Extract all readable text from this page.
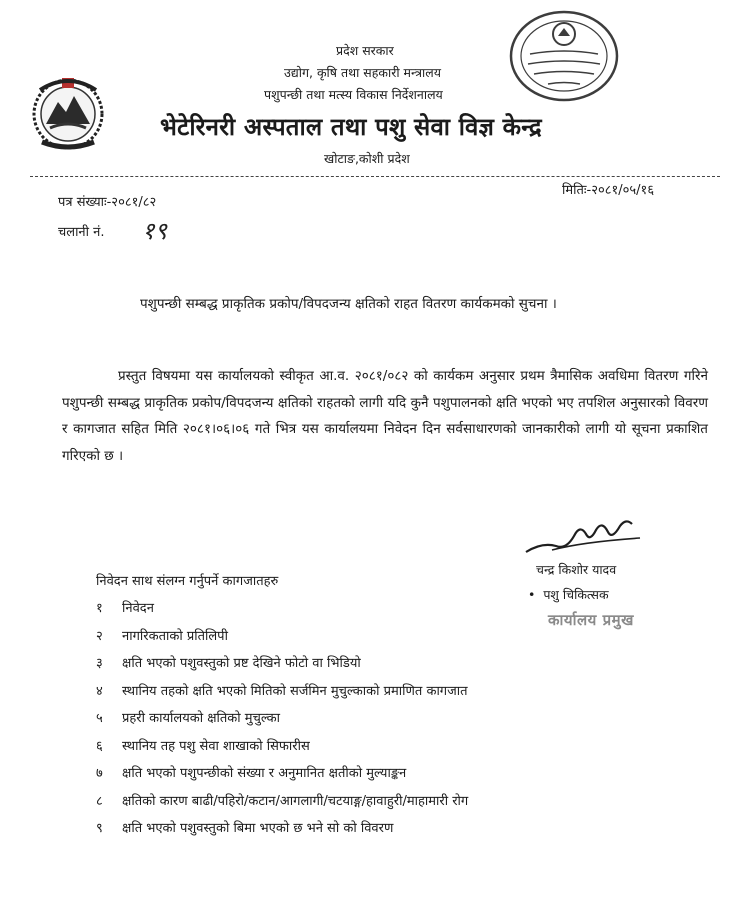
प्रदेश सरकार
उद्योग, कृषि तथा सहकारी मन्त्रालय
पशुपन्छी तथा मत्स्य विकास निर्देशनालय
भेटेरिनरी अस्पताल तथा पशु सेवा विज्ञ केन्द्र
खोटाङ,कोशी प्रदेश
पत्र संख्याः-२०८१/८२
मितिः-२०८१/०५/१६
चलानी नं. १९
पशुपन्छी सम्बद्ध प्राकृतिक प्रकोप/विपदजन्य क्षतिको राहत वितरण कार्यकमको सुचना ।
प्रस्तुत विषयमा यस कार्यालयको स्वीकृत आ.व. २०८१/०८२ को कार्यकम अनुसार प्रथम त्रैमासिक अवधिमा वितरण गरिने पशुपन्छी सम्बद्ध प्राकृतिक प्रकोप/विपदजन्य क्षतिको राहतको लागी यदि कुनै पशुपालनको क्षति भएको भए तपशिल अनुसारको विवरण र कागजात सहित मिति २०८१।०६।०६ गते भित्र यस कार्यालयमा निवेदन दिन सर्वसाधारणको जानकारीको लागी यो सूचना प्रकाशित गरिएको छ ।
चन्द्र किशोर यादव
•  पशु चिकित्सक
कार्यालय प्रमुख
निवेदन साथ संलग्न गर्नुपर्ने कागजातहरु
१	निवेदन
२	नागरिकताको प्रतिलिपी
३	क्षति भएको पशुवस्तुको प्रष्ट देखिने फोटो वा भिडियो
४	स्थानिय तहको क्षति भएको मितिको सर्जमिन मुचुल्काको प्रमाणित कागजात
५	प्रहरी कार्यालयको क्षतिको मुचुल्का
६	स्थानिय तह पशु सेवा शाखाको सिफारीस
७	क्षति भएको पशुपन्छीको संख्या र अनुमानित क्षतीको मुल्याङ्कन
८	क्षतिको कारण बाढी/पहिरो/कटान/आगलागी/चटयाङ्ग/हावाहुरी/माहामारी रोग
९	क्षति भएको पशुवस्तुको बिमा भएको छ भने सो को विवरण
